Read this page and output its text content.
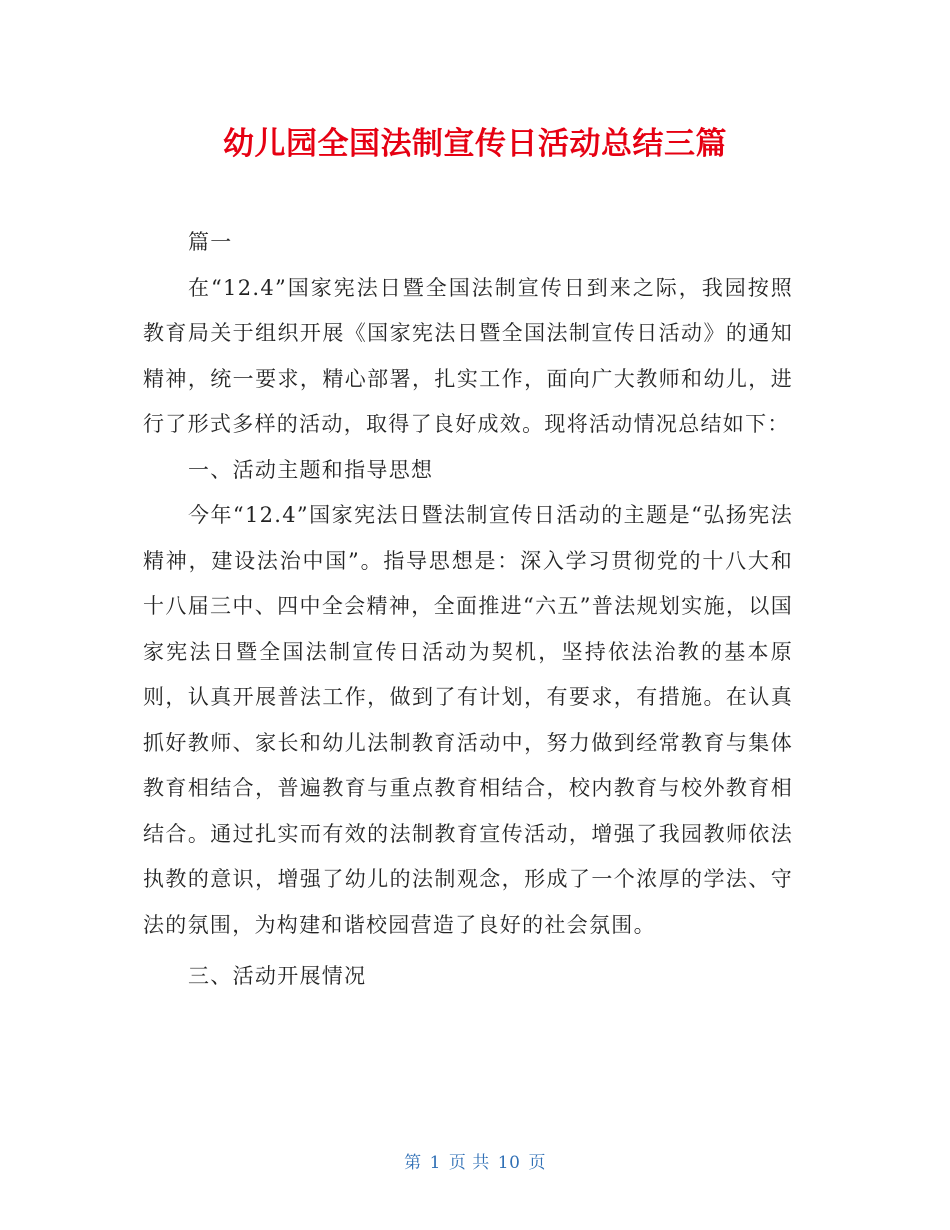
幼儿园全国法制宣传日活动总结三篇

篇一

在“12.4”国家宪法日暨全国法制宣传日到来之际，我园按照教育局关于组织开展《国家宪法日暨全国法制宣传日活动》的通知精神，统一要求，精心部署，扎实工作，面向广大教师和幼儿，进行了形式多样的活动，取得了良好成效。现将活动情况总结如下：

一、活动主题和指导思想

今年“12.4”国家宪法日暨法制宣传日活动的主题是“弘扬宪法精神，建设法治中国”。指导思想是：深入学习贯彻党的十八大和十八届三中、四中全会精神，全面推进“六五”普法规划实施，以国家宪法日暨全国法制宣传日活动为契机，坚持依法治教的基本原则，认真开展普法工作，做到了有计划，有要求，有措施。在认真抓好教师、家长和幼儿法制教育活动中，努力做到经常教育与集体教育相结合，普遍教育与重点教育相结合，校内教育与校外教育相结合。通过扎实而有效的法制教育宣传活动，增强了我园教师依法执教的意识，增强了幼儿的法制观念，形成了一个浓厚的学法、守法的氛围，为构建和谐校园营造了良好的社会氛围。

三、活动开展情况

第 1 页 共 10 页
